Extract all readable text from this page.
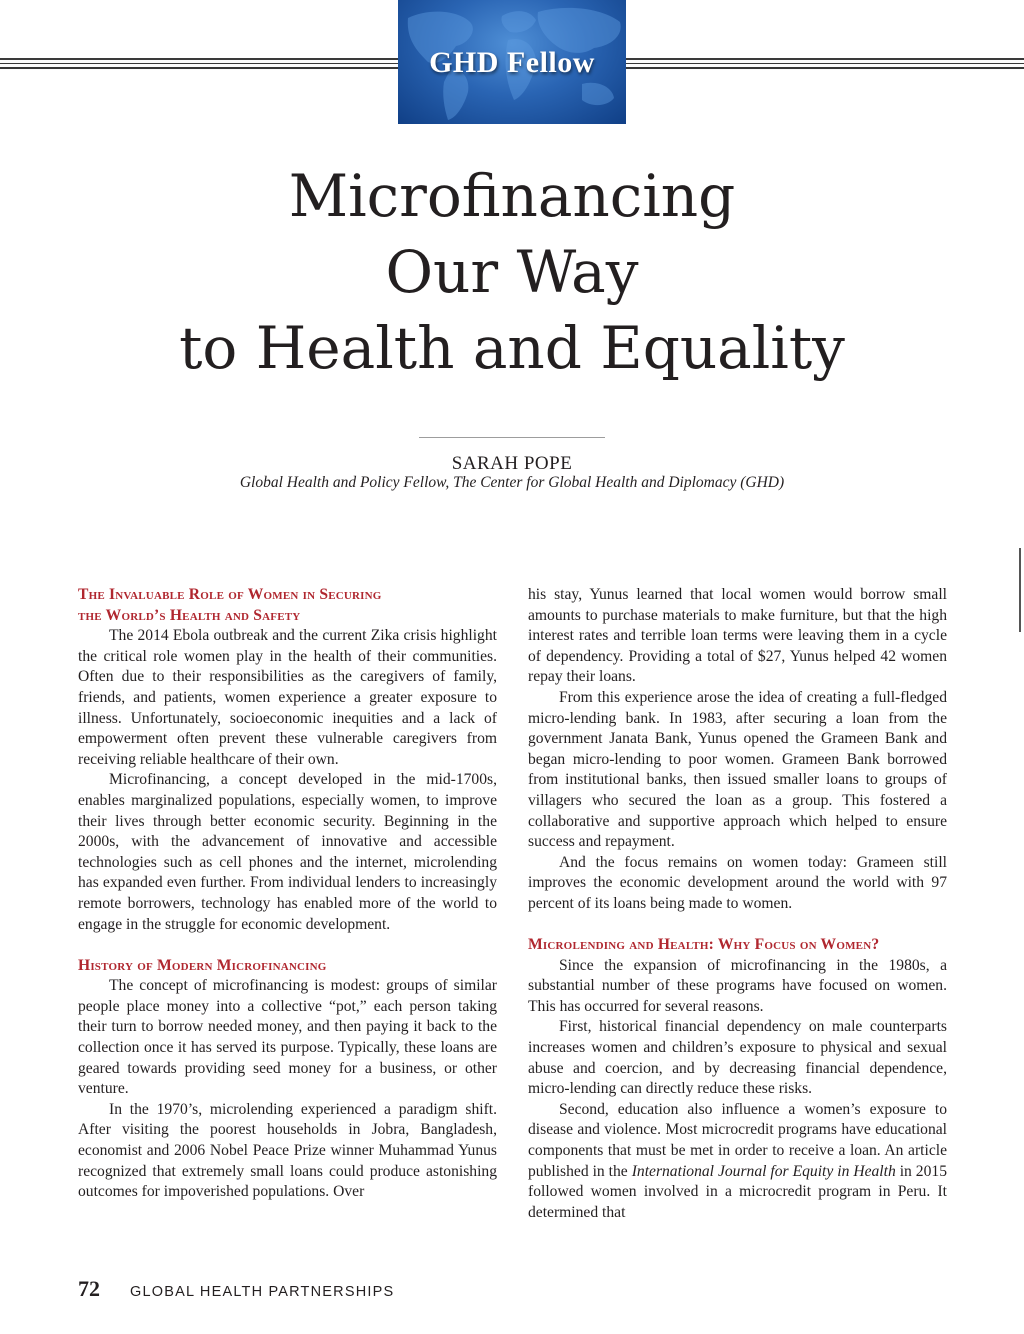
GHD Fellow
Microfinancing
Our Way
to Health and Equality
SARAH POPE
Global Health and Policy Fellow, The Center for Global Health and Diplomacy (GHD)
The Invaluable Role of Women in Securing
the World’s Health and Safety

The 2014 Ebola outbreak and the current Zika crisis highlight the critical role women play in the health of their communities. Often due to their responsibilities as the caregivers of family, friends, and patients, women experience a greater exposure to illness. Unfortunately, socioeconomic inequities and a lack of empowerment often prevent these vulnerable caregivers from receiving reliable healthcare of their own.

Microfinancing, a concept developed in the mid-1700s, enables marginalized populations, especially women, to improve their lives through better economic security. Beginning in the 2000s, with the advancement of innovative and accessible technologies such as cell phones and the internet, microlending has expanded even further. From individual lenders to increasingly remote borrowers, technology has enabled more of the world to engage in the struggle for economic development.

History of Modern Microfinancing

The concept of microfinancing is modest: groups of similar people place money into a collective “pot,” each person taking their turn to borrow needed money, and then paying it back to the collection once it has served its purpose. Typically, these loans are geared towards providing seed money for a business, or other venture.

In the 1970’s, microlending experienced a paradigm shift. After visiting the poorest households in Jobra, Bangladesh, economist and 2006 Nobel Peace Prize winner Muhammad Yunus recognized that extremely small loans could produce astonishing outcomes for impoverished populations. Over

his stay, Yunus learned that local women would borrow small amounts to purchase materials to make furniture, but that the high interest rates and terrible loan terms were leaving them in a cycle of dependency. Providing a total of $27, Yunus helped 42 women repay their loans.

From this experience arose the idea of creating a full-fledged micro-lending bank. In 1983, after securing a loan from the government Janata Bank, Yunus opened the Grameen Bank and began micro-lending to poor women. Grameen Bank borrowed from institutional banks, then issued smaller loans to groups of villagers who secured the loan as a group. This fostered a collaborative and supportive approach which helped to ensure success and repayment.

And the focus remains on women today: Grameen still improves the economic development around the world with 97 percent of its loans being made to women.

Microlending and Health: Why Focus on Women?

Since the expansion of microfinancing in the 1980s, a substantial number of these programs have focused on women. This has occurred for several reasons.

First, historical financial dependency on male counterparts increases women and children’s exposure to physical and sexual abuse and coercion, and by decreasing financial dependence, micro-lending can directly reduce these risks.

Second, education also influence a women’s exposure to disease and violence. Most microcredit programs have educational components that must be met in order to receive a loan. An article published in the International Journal for Equity in Health in 2015 followed women involved in a microcredit program in Peru. It determined that

72 GLOBAL HEALTH PARTNERSHIPS
